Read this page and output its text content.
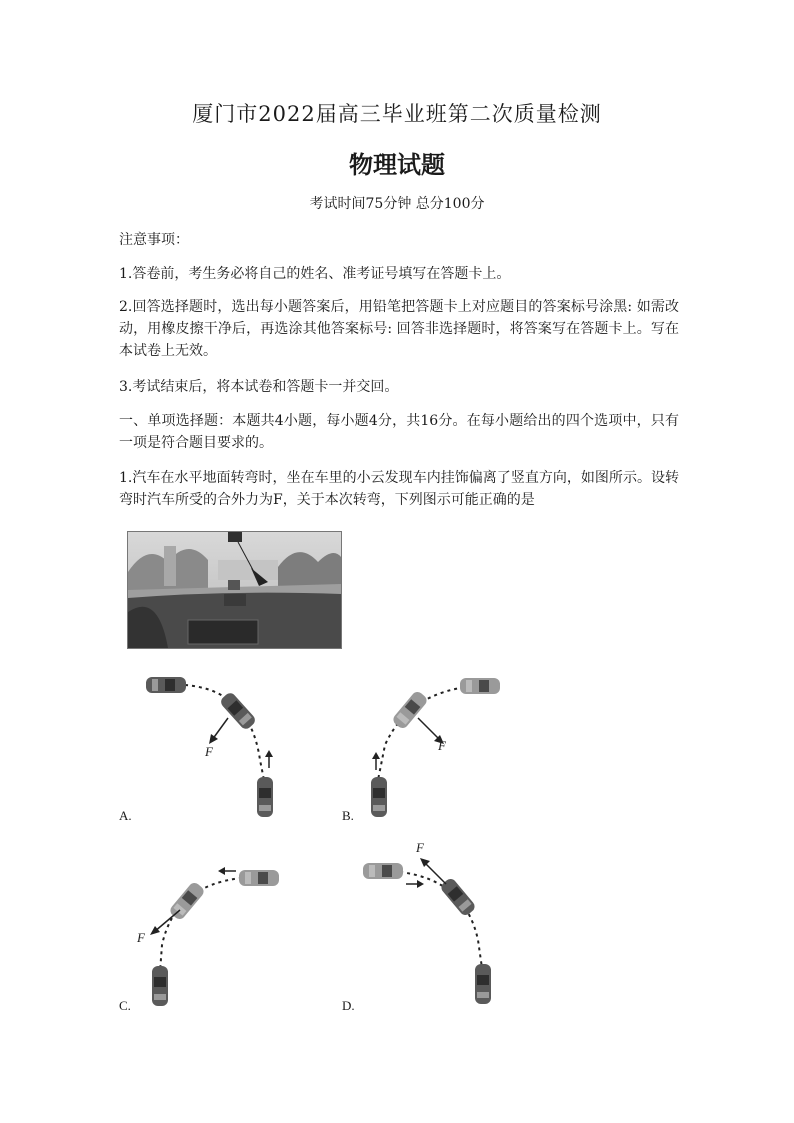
厦门市2022届高三毕业班第二次质量检测
物理试题
考试时间75分钟 总分100分
注意事项：
1.答卷前，考生务必将自己的姓名、准考证号填写在答题卡上。
2.回答选择题时，选出每小题答案后，用铅笔把答题卡上对应题目的答案标号涂黑: 如需改动，用橡皮擦干净后，再选涂其他答案标号: 回答非选择题时，将答案写在答题卡上。写在本试卷上无效。
3.考试结束后，将本试卷和答题卡一并交回。
一、单项选择题：本题共4小题，每小题4分，共16分。在每小题给出的四个选项中，只有一项是符合题目要求的。
1.汽车在水平地面转弯时，坐在车里的小云发现车内挂饰偏离了竖直方向，如图所示。设转弯时汽车所受的合外力为F，关于本次转弯，下列图示可能正确的是
F
A.
F
B.
F
C.
F
D.
